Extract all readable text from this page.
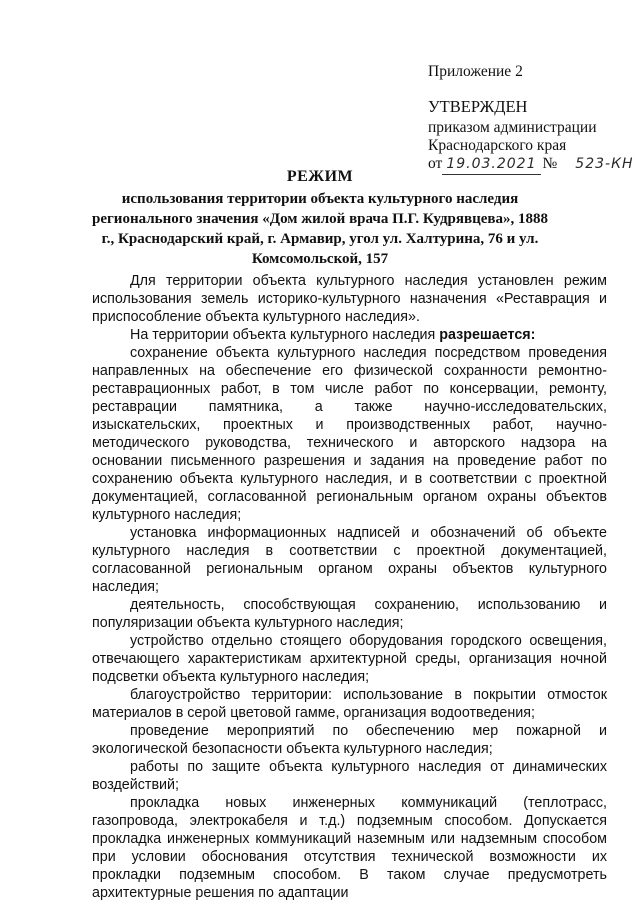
Приложение 2
УТВЕРЖДЕН
приказом администрации
Краснодарского края
от 19.03.2021 № 523-КН
РЕЖИМ
использования территории объекта культурного наследия регионального значения «Дом жилой врача П.Г. Кудрявцева», 1888 г., Краснодарский край, г. Армавир, угол ул. Халтурина, 76 и ул. Комсомольской, 157

Для территории объекта культурного наследия установлен режим использования земель историко-культурного назначения «Реставрация и приспособление объекта культурного наследия».

На территории объекта культурного наследия разрешается:

сохранение объекта культурного наследия посредством проведения направленных на обеспечение его физической сохранности ремонтно-реставрационных работ, в том числе работ по консервации, ремонту, реставрации памятника, а также научно-исследовательских, изыскательских, проектных и производственных работ, научно-методического руководства, технического и авторского надзора на основании письменного разрешения и задания на проведение работ по сохранению объекта культурного наследия, и в соответствии с проектной документацией, согласованной региональным органом охраны объектов культурного наследия;

установка информационных надписей и обозначений об объекте культурного наследия в соответствии с проектной документацией, согласованной региональным органом охраны объектов культурного наследия;

деятельность, способствующая сохранению, использованию и популяризации объекта культурного наследия;

устройство отдельно стоящего оборудования городского освещения, отвечающего характеристикам архитектурной среды, организация ночной подсветки объекта культурного наследия;

благоустройство территории: использование в покрытии отмосток материалов в серой цветовой гамме, организация водоотведения;

проведение мероприятий по обеспечению мер пожарной и экологической безопасности объекта культурного наследия;

работы по защите объекта культурного наследия от динамических воздействий;

прокладка новых инженерных коммуникаций (теплотрасс, газопровода, электрокабеля и т.д.) подземным способом. Допускается прокладка инженерных коммуникаций наземным или надземным способом при условии обоснования отсутствия технической возможности их прокладки подземным способом. В таком случае предусмотреть архитектурные решения по адаптации
